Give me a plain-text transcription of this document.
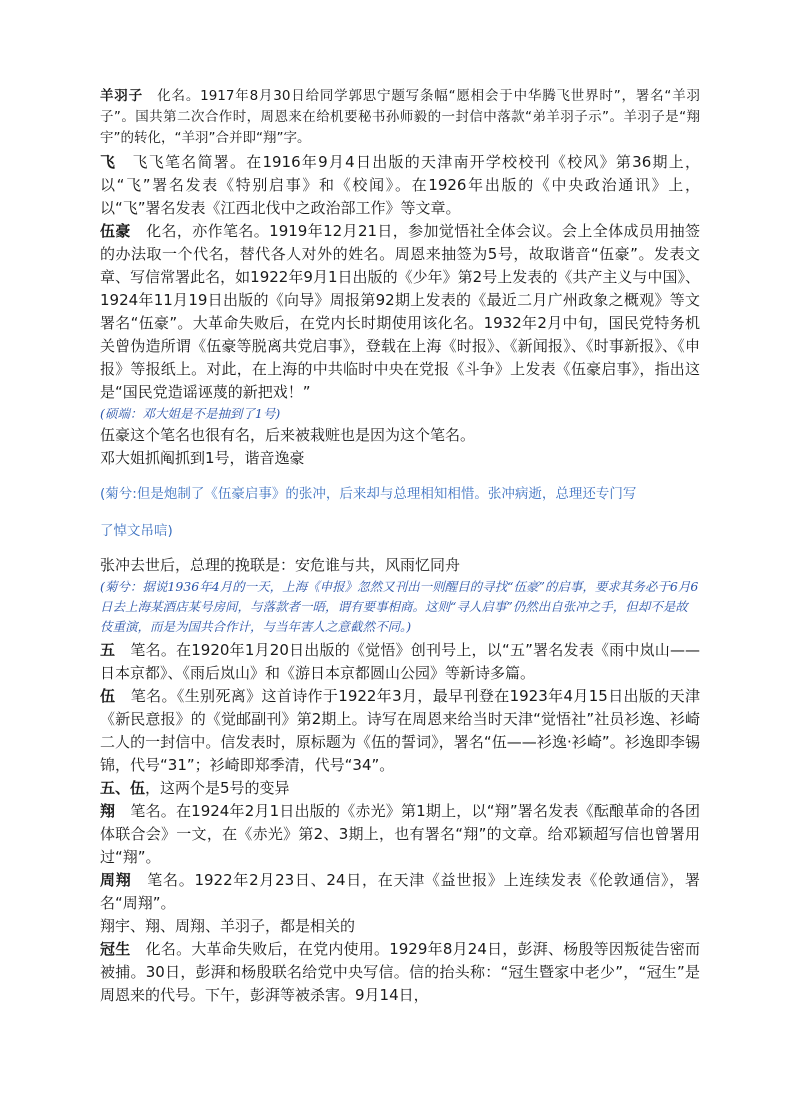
羊羽子　化名。1917年8月30日给同学郭思宁题写条幅“愿相会于中华腾飞世界时”，署名“羊羽子”。国共第二次合作时，周恩来在给机要秘书孙师毅的一封信中落款“弟羊羽子示”。羊羽子是“翔宇”的转化，“羊羽”合并即“翔”字。

飞　飞飞笔名简署。在1916年9月4日出版的天津南开学校校刊《校风》第36期上，以“飞”署名发表《特别启事》和《校闻》。在1926年出版的《中央政治通讯》上，以“飞”署名发表《江西北伐中之政治部工作》等文章。

伍豪　化名，亦作笔名。1919年12月21日，参加觉悟社全体会议。会上全体成员用抽签的办法取一个代名，替代各人对外的姓名。周恩来抽签为5号，故取谐音“伍豪”。发表文章、写信常署此名，如1922年9月1日出版的《少年》第2号上发表的《共产主义与中国》、1924年11月19日出版的《向导》周报第92期上发表的《最近二月广州政象之概观》等文署名“伍豪”。大革命失败后，在党内长时期使用该化名。1932年2月中旬，国民党特务机关曾伪造所谓《伍豪等脱离共党启事》，登载在上海《时报》、《新闻报》、《时事新报》、《申报》等报纸上。对此，在上海的中共临时中央在党报《斗争》上发表《伍豪启事》，指出这是“国民党造谣诬蔑的新把戏！”

(硕端：邓大姐是不是抽到了1号)

伍豪这个笔名也很有名，后来被栽赃也是因为这个笔名。

邓大姐抓阄抓到1号，谐音逸豪

(菊兮:但是炮制了《伍豪启事》的张冲，后来却与总理相知相惜。张冲病逝，总理还专门写

了悼文吊唁)

张冲去世后，总理的挽联是：安危谁与共，风雨忆同舟

(菊兮：据说1936年4月的一天，上海《申报》忽然又刊出一则醒目的寻找“伍豪”的启事，要求其务必于6月6日去上海某酒店某号房间，与落款者一晤，谓有要事相商。这则“寻人启事”仍然出自张冲之手，但却不是故伎重演，而是为国共合作计，与当年害人之意截然不同。)

五　笔名。在1920年1月20日出版的《觉悟》创刊号上，以“五”署名发表《雨中岚山——日本京都》、《雨后岚山》和《游日本京都圆山公园》等新诗多篇。

伍　笔名。《生别死离》这首诗作于1922年3月，最早刊登在1923年4月15日出版的天津《新民意报》的《觉邮副刊》第2期上。诗写在周恩来给当时天津“觉悟社”社员衫逸、衫崎二人的一封信中。信发表时，原标题为《伍的誓词》，署名“伍——衫逸·衫崎”。衫逸即李锡锦，代号“31”；衫崎即郑季清，代号“34”。

五、伍，这两个是5号的变异

翔　笔名。在1924年2月1日出版的《赤光》第1期上，以“翔”署名发表《酝酿革命的各团体联合会》一文，在《赤光》第2、3期上，也有署名“翔”的文章。给邓颖超写信也曾署用过“翔”。

周翔　笔名。1922年2月23日、24日，在天津《益世报》上连续发表《伦敦通信》，署名“周翔”。

翔宇、翔、周翔、羊羽子，都是相关的

冠生　化名。大革命失败后，在党内使用。1929年8月24日，彭湃、杨殷等因叛徒告密而被捕。30日，彭湃和杨殷联名给党中央写信。信的抬头称：“冠生暨家中老少”，“冠生”是周恩来的代号。下午，彭湃等被杀害。9月14日，
